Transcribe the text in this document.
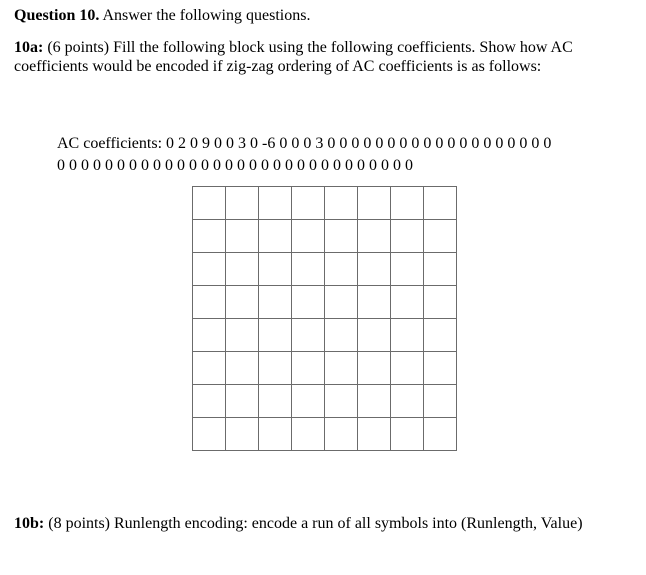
Question 10. Answer the following questions.
10a: (6 points) Fill the following block using the following coefficients. Show how AC coefficients would be encoded if zig-zag ordering of AC coefficients is as follows:
AC coefficients: 0 2 0 9 0 0 3 0 -6 0 0 0 3 0 0 0 0 0 0 0 0 0 0 0 0 0 0 0 0 0 0 0
0 0 0 0 0 0 0 0 0 0 0 0 0 0 0 0 0 0 0 0 0 0 0 0 0 0 0 0 0 0
10b: (8 points) Runlength encoding: encode a run of all symbols into (Runlength, Value)
